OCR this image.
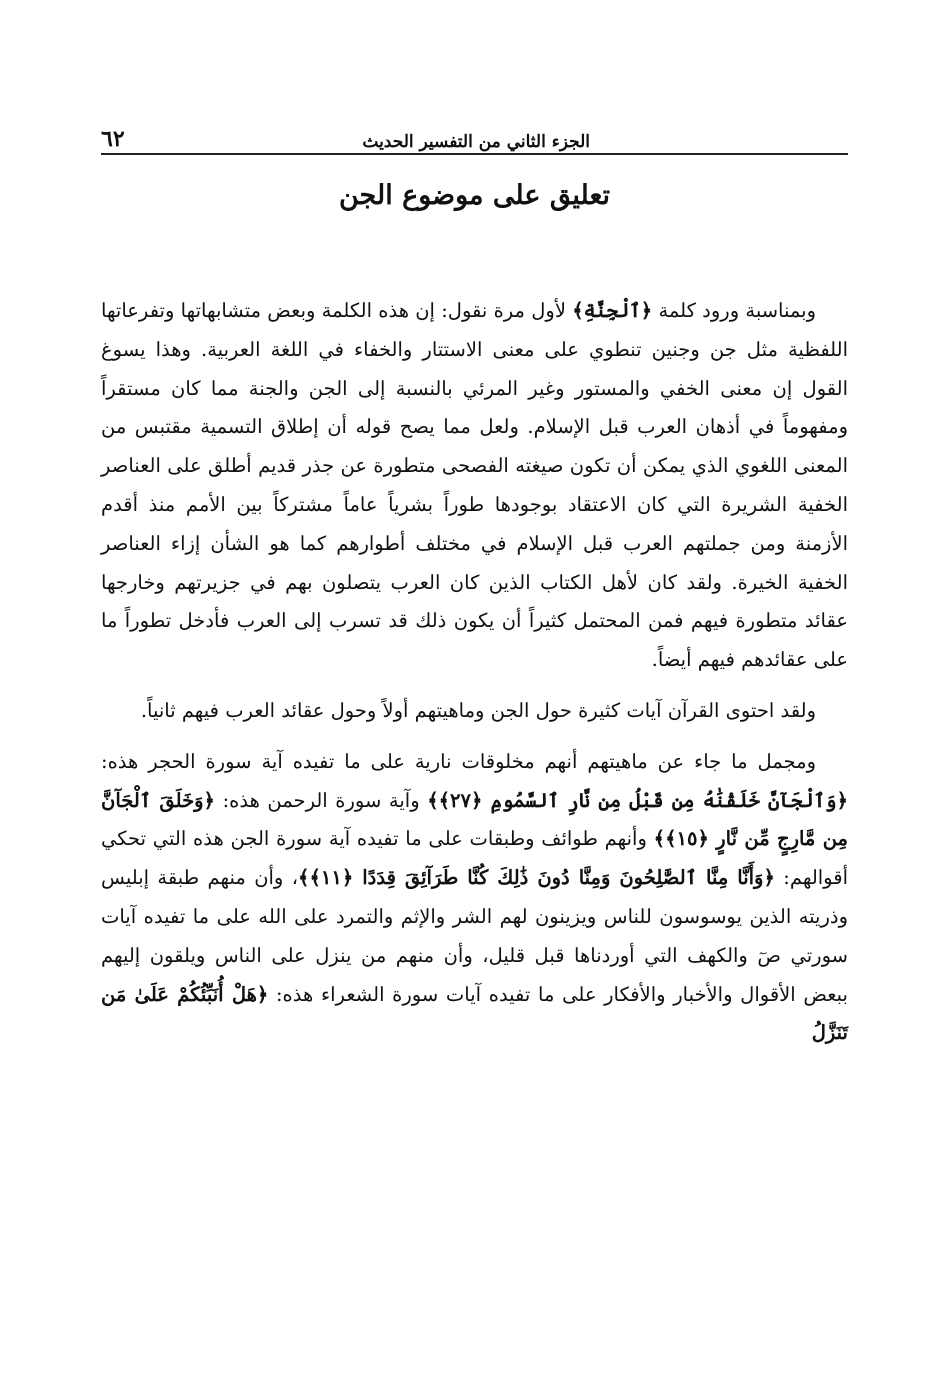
الجزء الثاني من التفسير الحديث
٦٢
تعليق على موضوع الجن

وبمناسبة ورود كلمة ﴿ٱلْجِنَّةِ﴾ لأول مرة نقول: إن هذه الكلمة وبعض متشابهاتها وتفرعاتها اللفظية مثل جن وجنين تنطوي على معنى الاستتار والخفاء في اللغة العربية. وهذا يسوغ القول إن معنى الخفي والمستور وغير المرئي بالنسبة إلى الجن والجنة مما كان مستقراً ومفهوماً في أذهان العرب قبل الإسلام. ولعل مما يصح قوله أن إطلاق التسمية مقتبس من المعنى اللغوي الذي يمكن أن تكون صيغته الفصحى متطورة عن جذر قديم أطلق على العناصر الخفية الشريرة التي كان الاعتقاد بوجودها طوراً بشرياً عاماً مشتركاً بين الأمم منذ أقدم الأزمنة ومن جملتهم العرب قبل الإسلام في مختلف أطوارهم كما هو الشأن إزاء العناصر الخفية الخيرة. ولقد كان لأهل الكتاب الذين كان العرب يتصلون بهم في جزيرتهم وخارجها عقائد متطورة فيهم فمن المحتمل كثيراً أن يكون ذلك قد تسرب إلى العرب فأدخل تطوراً ما على عقائدهم فيهم أيضاً.

ولقد احتوى القرآن آيات كثيرة حول الجن وماهيتهم أولاً وحول عقائد العرب فيهم ثانياً.

ومجمل ما جاء عن ماهيتهم أنهم مخلوقات نارية على ما تفيده آية سورة الحجر هذه: ﴿وَٱلْجَآنَّ خَلَقْنَٰهُ مِن قَبْلُ مِن نَّارِ ٱلسَّمُومِ ﴿٢٧﴾﴾ وآية سورة الرحمن هذه: ﴿وَخَلَقَ ٱلْجَآنَّ مِن مَّارِجٍ مِّن نَّارٍ ﴿١٥﴾﴾ وأنهم طوائف وطبقات على ما تفيده آية سورة الجن هذه التي تحكي أقوالهم: ﴿وَأَنَّا مِنَّا ٱلصَّٰلِحُونَ وَمِنَّا دُونَ ذَٰلِكَ كُنَّا طَرَآئِقَ قِدَدًا ﴿١١﴾﴾، وأن منهم طبقة إبليس وذريته الذين يوسوسون للناس ويزينون لهم الشر والإثم والتمرد على الله على ما تفيده آيات سورتي صٓ والكهف التي أوردناها قبل قليل، وأن منهم من ينزل على الناس ويلقون إليهم ببعض الأقوال والأخبار والأفكار على ما تفيده آيات سورة الشعراء هذه: ﴿هَلْ أُنَبِّئُكُمْ عَلَىٰ مَن تَنَزَّلُ
